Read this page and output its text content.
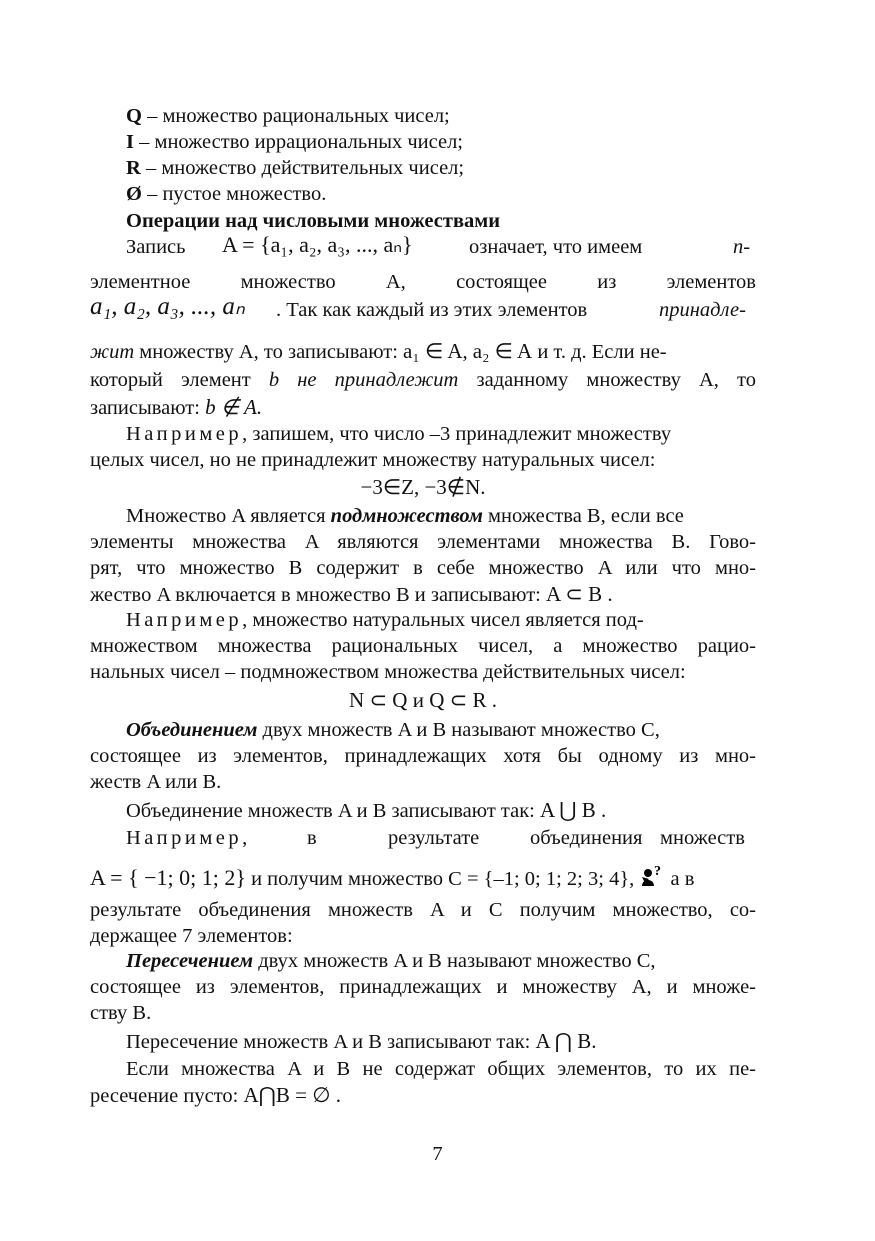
Q – множество рациональных чисел;
I – множество иррациональных чисел;
R – множество действительных чисел;
Ø – пустое множество.
Операции над числовыми множествами
Запись A = {a₁, a₂, a₃, ..., aₙ}	означает, что имеем	n-
элементное множество A, состоящее из элементов
a₁, a₂, a₃, ..., aₙ . Так как каждый из этих элементов	принадле-
жит множеству A, то записывают: a₁ ∈ A, a₂ ∈ A и т. д. Если не-
который элемент b не принадлежит заданному множеству A, то
записывают: b ∉ A.
Например, запишем, что число –3 принадлежит множеству
целых чисел, но не принадлежит множеству натуральных чисел:
−3∈Z, −3∉N.
Множество A является подмножеством множества B, если все
элементы множества A являются элементами множества B. Гово-
рят, что множество B содержит в себе множество A или что мно-
жество A включается в множество B и записывают: A ⊂ B .
Например, множество натуральных чисел является под-
множеством множества рациональных чисел, а множество рацио-
нальных чисел – подмножеством множества действительных чисел:
N ⊂ Q и Q ⊂ R .
Объединением двух множеств A и B называют множество C,
состоящее из элементов, принадлежащих хотя бы одному из мно-
жеств A или B.
Объединение множеств A и B записывают так: A ⋃ B .
Например,	в	результате объединения множеств
A = { −1; 0; 1; 2} и получим множество C = {–1; 0; 1; 2; 3; 4}, ? а в
результате объединения множеств A и C получим множество, со-
держащее 7 элементов:
Пересечением двух множеств A и B называют множество C,
состоящее из элементов, принадлежащих и множеству A, и множе-
ству B.
Пересечение множеств A и B записывают так: A ⋂ B.
Если множества A и B не содержат общих элементов, то их пе-
ресечение пусто: A⋂B = ∅ .
7
